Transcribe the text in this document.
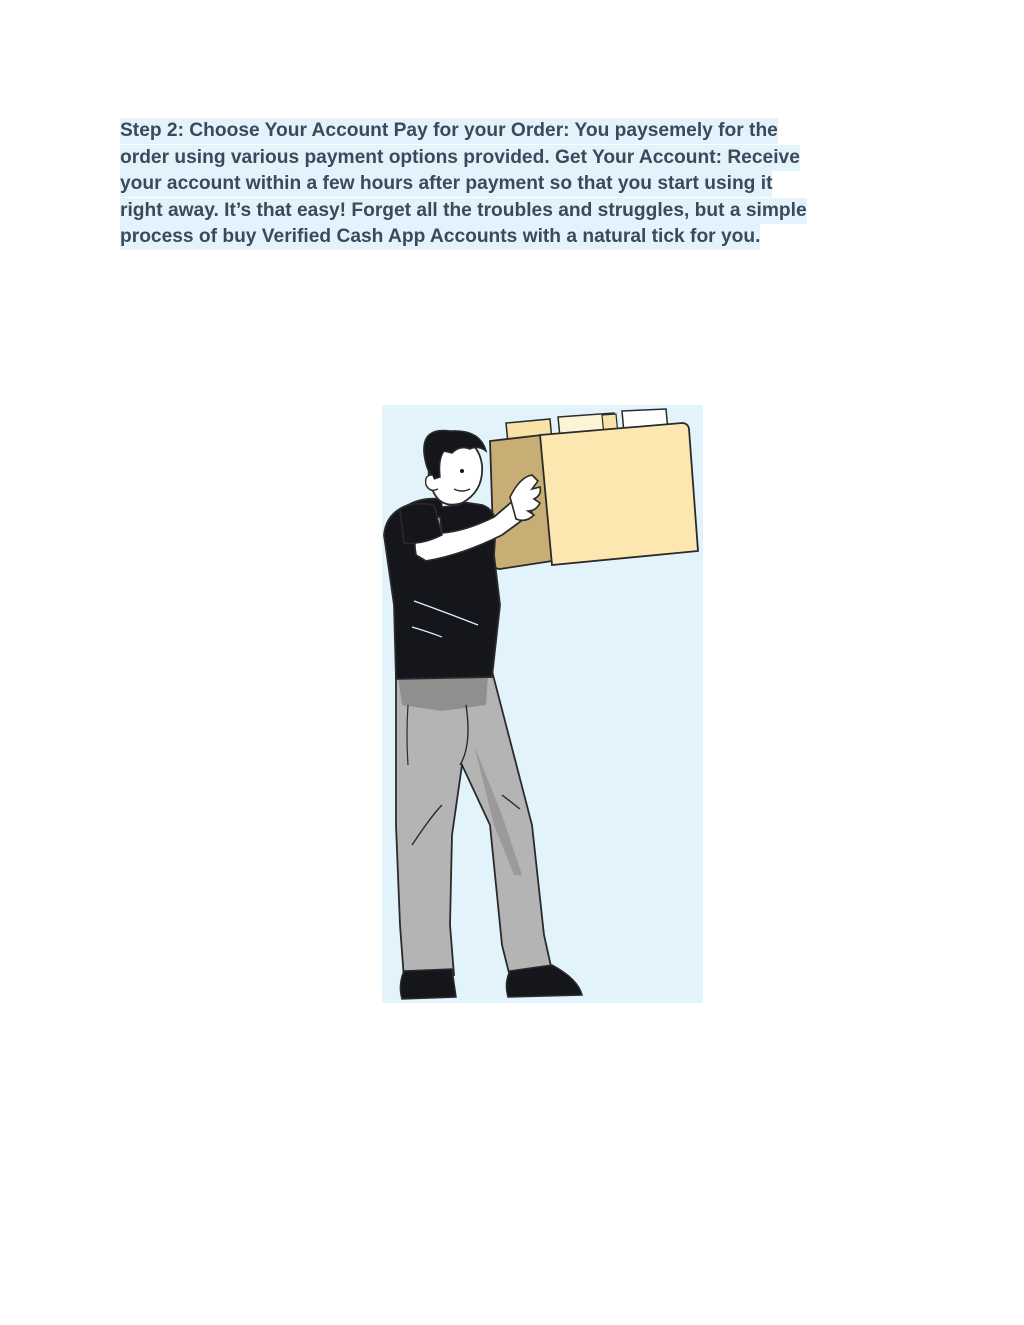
Step 2: Choose Your Account Pay for your Order: You paysemely for the order using various payment options provided. Get Your Account: Receive your account within a few hours after payment so that you start using it right away. It’s that easy! Forget all the troubles and struggles, but a simple process of buy Verified Cash App Accounts with a natural tick for you.
